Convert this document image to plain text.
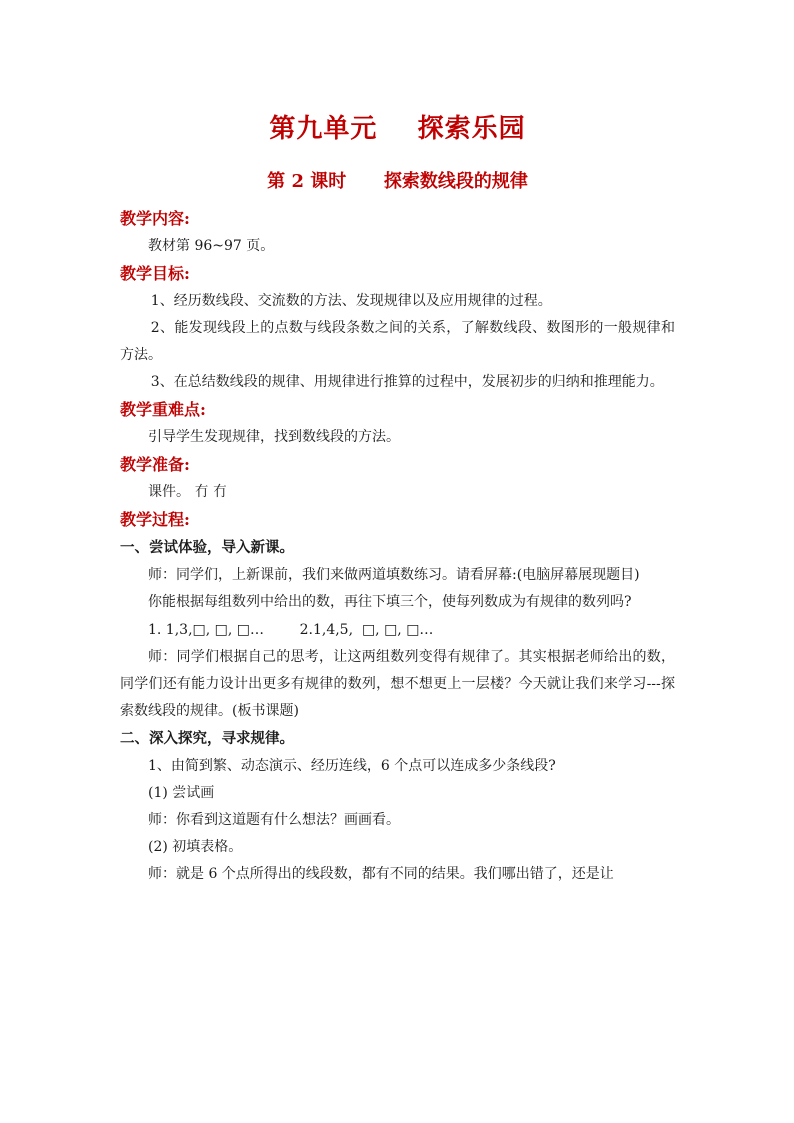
第九单元    探索乐园
第 2 课时      探索数线段的规律

教学内容:

教材第 96~97 页。

教学目标:

1、经历数线段、交流数的方法、发现规律以及应用规律的过程。

2、能发现线段上的点数与线段条数之间的关系，了解数线段、数图形的一般规律和方法。

3、在总结数线段的规律、用规律进行推算的过程中，发展初步的归纳和推理能力。

教学重难点:

引导学生发现规律，找到数线段的方法。

教学准备:

课件。 冇 冇

教学过程:

一、尝试体验，导入新课。

师：同学们，上新课前，我们来做两道填数练习。请看屏幕:(电脑屏幕展现题目)

你能根据每组数列中给出的数，再往下填三个，使每列数成为有规律的数列吗?

1. 1,3,□, □, □…        2.1,4,5,  □, □, □…

师：同学们根据自己的思考，让这两组数列变得有规律了。其实根据老师给出的数，同学们还有能力设计出更多有规律的数列，想不想更上一层楼？今天就让我们来学习---探索数线段的规律。(板书课题)

二、深入探究，寻求规律。

1、由简到繁、动态演示、经历连线，6 个点可以连成多少条线段?

(1) 尝试画

师：你看到这道题有什么想法？画画看。

(2) 初填表格。

师：就是 6 个点所得出的线段数，都有不同的结果。我们哪出错了，还是让
